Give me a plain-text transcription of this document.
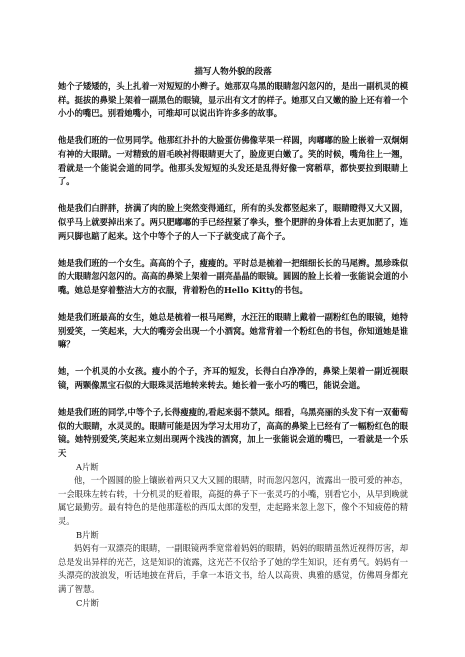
描写人物外貌的段落

她个子矮矮的，头上扎着一对短短的小辫子。她那双乌黑的眼睛忽闪忽闪的，是出一副机灵的模样。挺拔的鼻梁上架着一副黑色的眼镜，显示出有文才的样子。她那又白又嫩的脸上还有着一个小小的嘴巴。别看她嘴小，可维却可以说出许许多多的故事。

他是我们班的一位男同学。他那红扑扑的大脸蛋仿佛像苹果一样圆，肉嘟嘟的脸上嵌着一双炯炯有神的大眼睛。一对精致的眉毛映衬得眼睛更大了，脸庞更白嫩了。笑的时候，嘴角往上一翘，看就是一个能说会道的同学。他那头发短短的头发还是乱得好像一窝稻草，都快要拉到眼睛上了。

他是我们白胖胖，挤满了肉的脸上突然变得通红，所有的头发都竖起来了，眼睛瞪得又大又圆，似乎马上就要掉出来了。两只肥嘟嘟的手已经捏紧了拳头，整个肥胖的身体看上去更加肥了，连两只脚也踮了起来。这个中等个子的人一下子就变成了高个子。

她是我们班的一个女生。高高的个子，瘦瘦的。平时总是梳着一把细细长长的马尾辫。黑珍珠似的大眼睛忽闪忽闪的。高高的鼻梁上架着一副亮晶晶的眼镜。圆圆的脸上长着一张能说会道的小嘴。她总是穿着整洁大方的衣服，背着粉色的Hello Kitty的书包。

她是我们班最高的女生，她总是梳着一根马尾辫，水汪汪的眼睛上戴着一副粉红色的眼镜，她特别爱笑，一笑起来，大大的嘴旁会出现一个小酒窝。她常背着一个粉红色的书包，你知道她是谁嘛？

她，一个机灵的小女孩。瘦小的个子，齐耳的短发，长得白白净净的，鼻梁上架着一副近视眼镜，两颗像黑宝石似的大眼珠灵活地转来转去。她长着一张小巧的嘴巴，能说会道。

她是我们班的同学,中等个子,长得瘦瘦的,看起来弱不禁风。细看，乌黑亮丽的头发下有一双葡萄似的大眼睛，水灵灵的。眼睛可能是因为学习太用功了，高高的鼻梁上已经有了一幅粉红色的眼镜。她特别爱笑,笑起来立刻出现两个浅浅的酒窝，加上一张能说会道的嘴巴，一看就是一个乐天

A片断

他，一个圆圆的脸上镶嵌着两只又大又圆的眼睛，时而忽闪忽闪，流露出一股可爱的神态，一会眼珠左转右转，十分机灵的贬着眼，高挺的鼻子下一张灵巧的小嘴，别看它小，从早到晚就属它最勤劳。最有特色的是他那蓬松的西瓜太郎的发型，走起路来忽上忽下，像个不知疲倦的精灵。

B片断

妈妈有一双漂亮的眼睛，一副眼镜两季宽常着妈妈的眼睛，妈妈的眼睛虽然近视得厉害，却总是发出异样的光芒，这是知识的流露，这光芒不仅给予了她的学生知识，还有勇气。妈妈有一头漂亮的波浪发，听话地披在背后，手拿一本语文书，给人以高贵、典雅的感觉，仿佛周身都充满了智慧。

C片断
